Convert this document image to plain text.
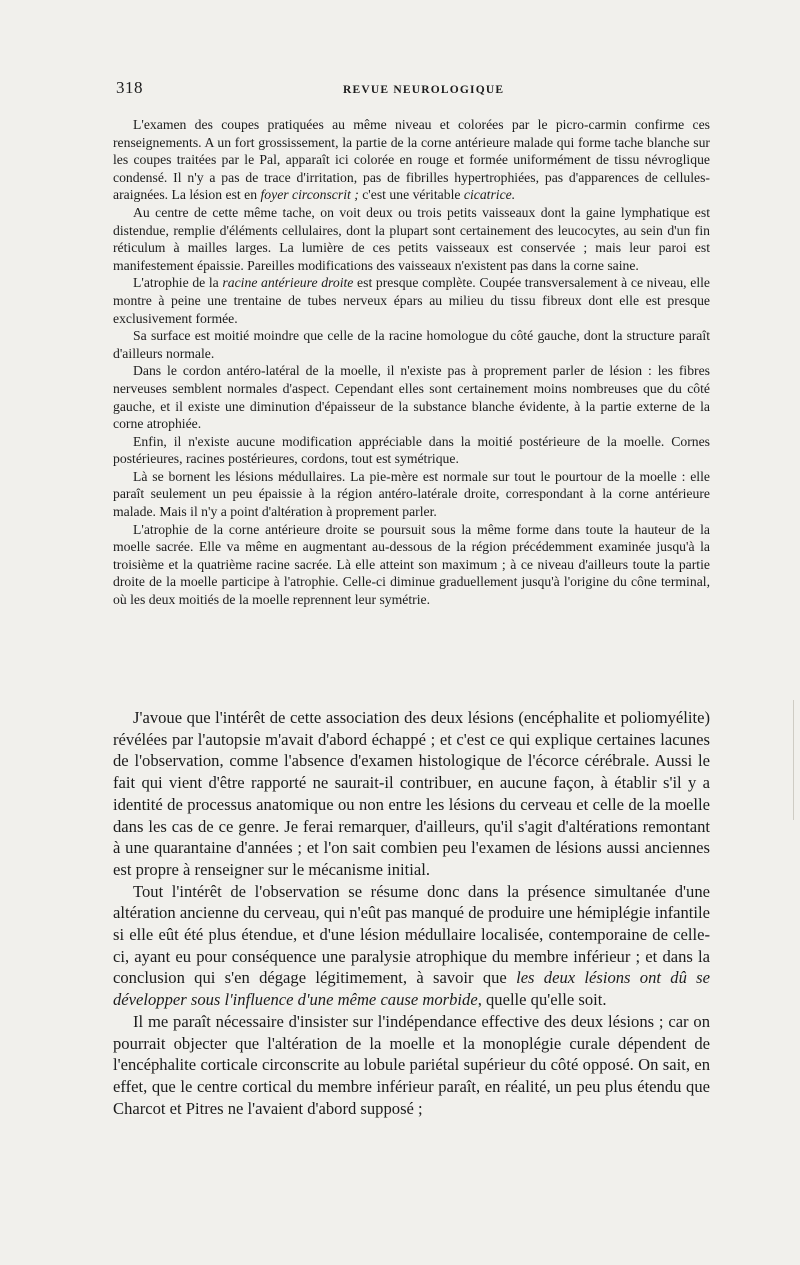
318	REVUE NEUROLOGIQUE

L'examen des coupes pratiquées au même niveau et colorées par le picro-carmin confirme ces renseignements. A un fort grossissement, la partie de la corne antérieure malade qui forme tache blanche sur les coupes traitées par le Pal, apparaît ici colorée en rouge et formée uniformément de tissu névroglique condensé. Il n'y a pas de trace d'irritation, pas de fibrilles hypertrophiées, pas d'apparences de cellules-araignées. La lésion est en foyer circonscrit ; c'est une véritable cicatrice.

Au centre de cette même tache, on voit deux ou trois petits vaisseaux dont la gaine lymphatique est distendue, remplie d'éléments cellulaires, dont la plupart sont certainement des leucocytes, au sein d'un fin réticulum à mailles larges. La lumière de ces petits vaisseaux est conservée ; mais leur paroi est manifestement épaissie. Pareilles modifications des vaisseaux n'existent pas dans la corne saine.

L'atrophie de la racine antérieure droite est presque complète. Coupée transversalement à ce niveau, elle montre à peine une trentaine de tubes nerveux épars au milieu du tissu fibreux dont elle est presque exclusivement formée.

Sa surface est moitié moindre que celle de la racine homologue du côté gauche, dont la structure paraît d'ailleurs normale.

Dans le cordon antéro-latéral de la moelle, il n'existe pas à proprement parler de lésion : les fibres nerveuses semblent normales d'aspect. Cependant elles sont certainement moins nombreuses que du côté gauche, et il existe une diminution d'épaisseur de la substance blanche évidente, à la partie externe de la corne atrophiée.

Enfin, il n'existe aucune modification appréciable dans la moitié postérieure de la moelle. Cornes postérieures, racines postérieures, cordons, tout est symétrique.

Là se bornent les lésions médullaires. La pie-mère est normale sur tout le pourtour de la moelle : elle paraît seulement un peu épaissie à la région antéro-latérale droite, correspondant à la corne antérieure malade. Mais il n'y a point d'altération à proprement parler.

L'atrophie de la corne antérieure droite se poursuit sous la même forme dans toute la hauteur de la moelle sacrée. Elle va même en augmentant au-dessous de la région précédemment examinée jusqu'à la troisième et la quatrième racine sacrée. Là elle atteint son maximum ; à ce niveau d'ailleurs toute la partie droite de la moelle participe à l'atrophie. Celle-ci diminue graduellement jusqu'à l'origine du cône terminal, où les deux moitiés de la moelle reprennent leur symétrie.

J'avoue que l'intérêt de cette association des deux lésions (encéphalite et poliomyélite) révélées par l'autopsie m'avait d'abord échappé ; et c'est ce qui explique certaines lacunes de l'observation, comme l'absence d'examen histologique de l'écorce cérébrale. Aussi le fait qui vient d'être rapporté ne saurait-il contribuer, en aucune façon, à établir s'il y a identité de processus anatomique ou non entre les lésions du cerveau et celle de la moelle dans les cas de ce genre. Je ferai remarquer, d'ailleurs, qu'il s'agit d'altérations remontant à une quarantaine d'années ; et l'on sait combien peu l'examen de lésions aussi anciennes est propre à renseigner sur le mécanisme initial.

Tout l'intérêt de l'observation se résume donc dans la présence simultanée d'une altération ancienne du cerveau, qui n'eût pas manqué de produire une hémiplégie infantile si elle eût été plus étendue, et d'une lésion médullaire localisée, contemporaine de celle-ci, ayant eu pour conséquence une paralysie atrophique du membre inférieur ; et dans la conclusion qui s'en dégage légitimement, à savoir que les deux lésions ont dû se développer sous l'influence d'une même cause morbide, quelle qu'elle soit.

Il me paraît nécessaire d'insister sur l'indépendance effective des deux lésions ; car on pourrait objecter que l'altération de la moelle et la monoplégie curale dépendent de l'encéphalite corticale circonscrite au lobule pariétal supérieur du côté opposé. On sait, en effet, que le centre cortical du membre inférieur paraît, en réalité, un peu plus étendu que Charcot et Pitres ne l'avaient d'abord supposé ;
